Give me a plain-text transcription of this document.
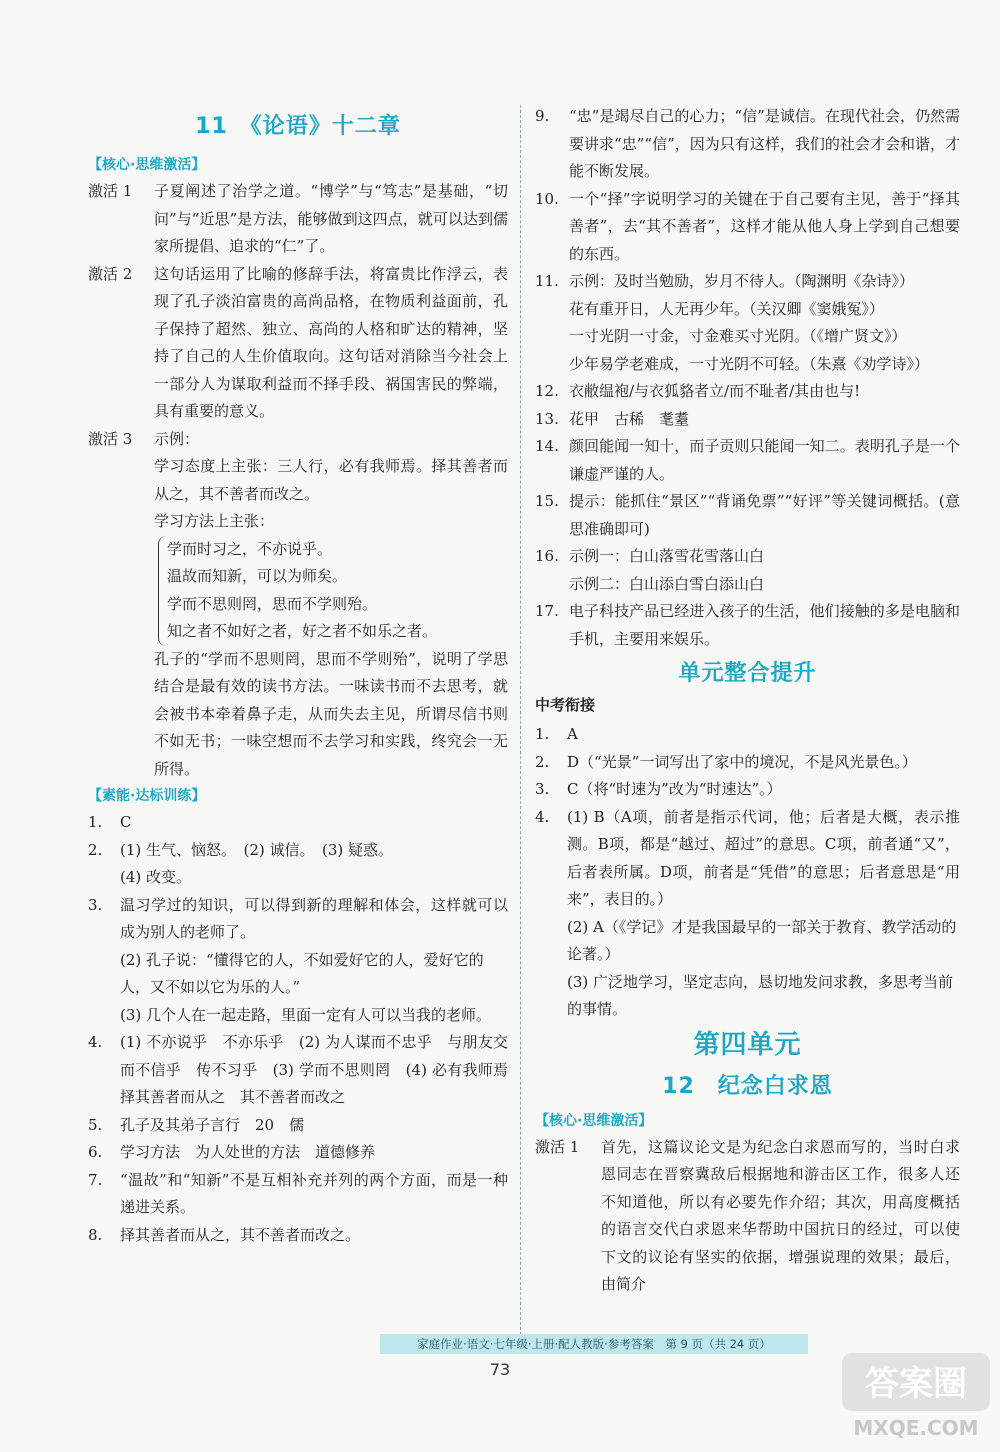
11　《论语》十二章
【核心·思维激活】
激活 1	子夏阐述了治学之道。“博学”与“笃志”是基础，“切问”与“近思”是方法，能够做到这四点，就可以达到儒家所提倡、追求的“仁”了。
激活 2	这句话运用了比喻的修辞手法，将富贵比作浮云，表现了孔子淡泊富贵的高尚品格，在物质利益面前，孔子保持了超然、独立、高尚的人格和旷达的精神，坚持了自己的人生价值取向。这句话对消除当今社会上一部分人为谋取利益而不择手段、祸国害民的弊端，具有重要的意义。
激活 3	示例：
学习态度上主张：三人行，必有我师焉。择其善者而从之，其不善者而改之。
学习方法上主张：
学而时习之，不亦说乎。
温故而知新，可以为师矣。
学而不思则罔，思而不学则殆。
知之者不如好之者，好之者不如乐之者。
孔子的“学而不思则罔，思而不学则殆”，说明了学思结合是最有效的读书方法。一味读书而不去思考，就会被书本牵着鼻子走，从而失去主见，所谓尽信书则不如无书；一味空想而不去学习和实践，终究会一无所得。
【素能·达标训练】
1.	C
2.	(1) 生气、恼怒。　(2) 诚信。　(3) 疑惑。
(4) 改变。
3.	温习学过的知识，可以得到新的理解和体会，这样就可以成为别人的老师了。
(2) 孔子说：“懂得它的人，不如爱好它的人，爱好它的人，又不如以它为乐的人。”
(3) 几个人在一起走路，里面一定有人可以当我的老师。
4.	(1) 不亦说乎　不亦乐乎　(2) 为人谋而不忠乎　与朋友交而不信乎　传不习乎　(3) 学而不思则罔　(4) 必有我师焉　择其善者而从之　其不善者而改之
5.	孔子及其弟子言行　20　儒
6.	学习方法　为人处世的方法　道德修养
7.	“温故”和“知新”不是互相补充并列的两个方面，而是一种递进关系。
8.	择其善者而从之，其不善者而改之。
9.	“忠”是竭尽自己的心力；“信”是诚信。在现代社会，仍然需要讲求“忠”“信”，因为只有这样，我们的社会才会和谐，才能不断发展。
10. 一个“择”字说明学习的关键在于自己要有主见，善于“择其善者”，去“其不善者”，这样才能从他人身上学到自己想要的东西。
11. 示例：及时当勉励，岁月不待人。（陶渊明《杂诗》）
花有重开日，人无再少年。（关汉卿《窦娥冤》）
一寸光阴一寸金，寸金难买寸光阴。（《增广贤文》）
少年易学老难成，一寸光阴不可轻。（朱熹《劝学诗》）
12. 衣敝缊袍/与衣狐貉者立/而不耻者/其由也与!
13. 花甲　古稀　耄耋
14. 颜回能闻一知十，而子贡则只能闻一知二。表明孔子是一个谦虚严谨的人。
15. 提示：能抓住“景区”“背诵免票”“好评”等关键词概括。(意思准确即可)
16. 示例一：白山落雪花雪落山白
示例二：白山添白雪白添山白
17. 电子科技产品已经进入孩子的生活，他们接触的多是电脑和手机，主要用来娱乐。
单元整合提升
中考衔接
1.	A
2.	D（“光景”一词写出了家中的境况，不是风光景色。）
3.	C（将“时速为”改为“时速达”。）
4.	(1) B（A项，前者是指示代词，他；后者是大概，表示推测。B项，都是“越过、超过”的意思。C项，前者通“又”，后者表所属。D项，前者是“凭借”的意思；后者意思是“用来”，表目的。）
(2) A（《学记》才是我国最早的一部关于教育、教学活动的论著。）
(3) 广泛地学习，坚定志向，恳切地发问求教，多思考当前的事情。
第四单元
12　纪念白求恩
【核心·思维激活】
激活 1	首先，这篇议论文是为纪念白求恩而写的，当时白求恩同志在晋察冀敌后根据地和游击区工作，很多人还不知道他，所以有必要先作介绍；其次，用高度概括的语言交代白求恩来华帮助中国抗日的经过，可以使下文的议论有坚实的依据，增强说理的效果；最后，由简介
家庭作业·语文·七年级·上册·配人教版·参考答案　第 9 页（共 24 页）
73	答案圈
MXQE.COM
